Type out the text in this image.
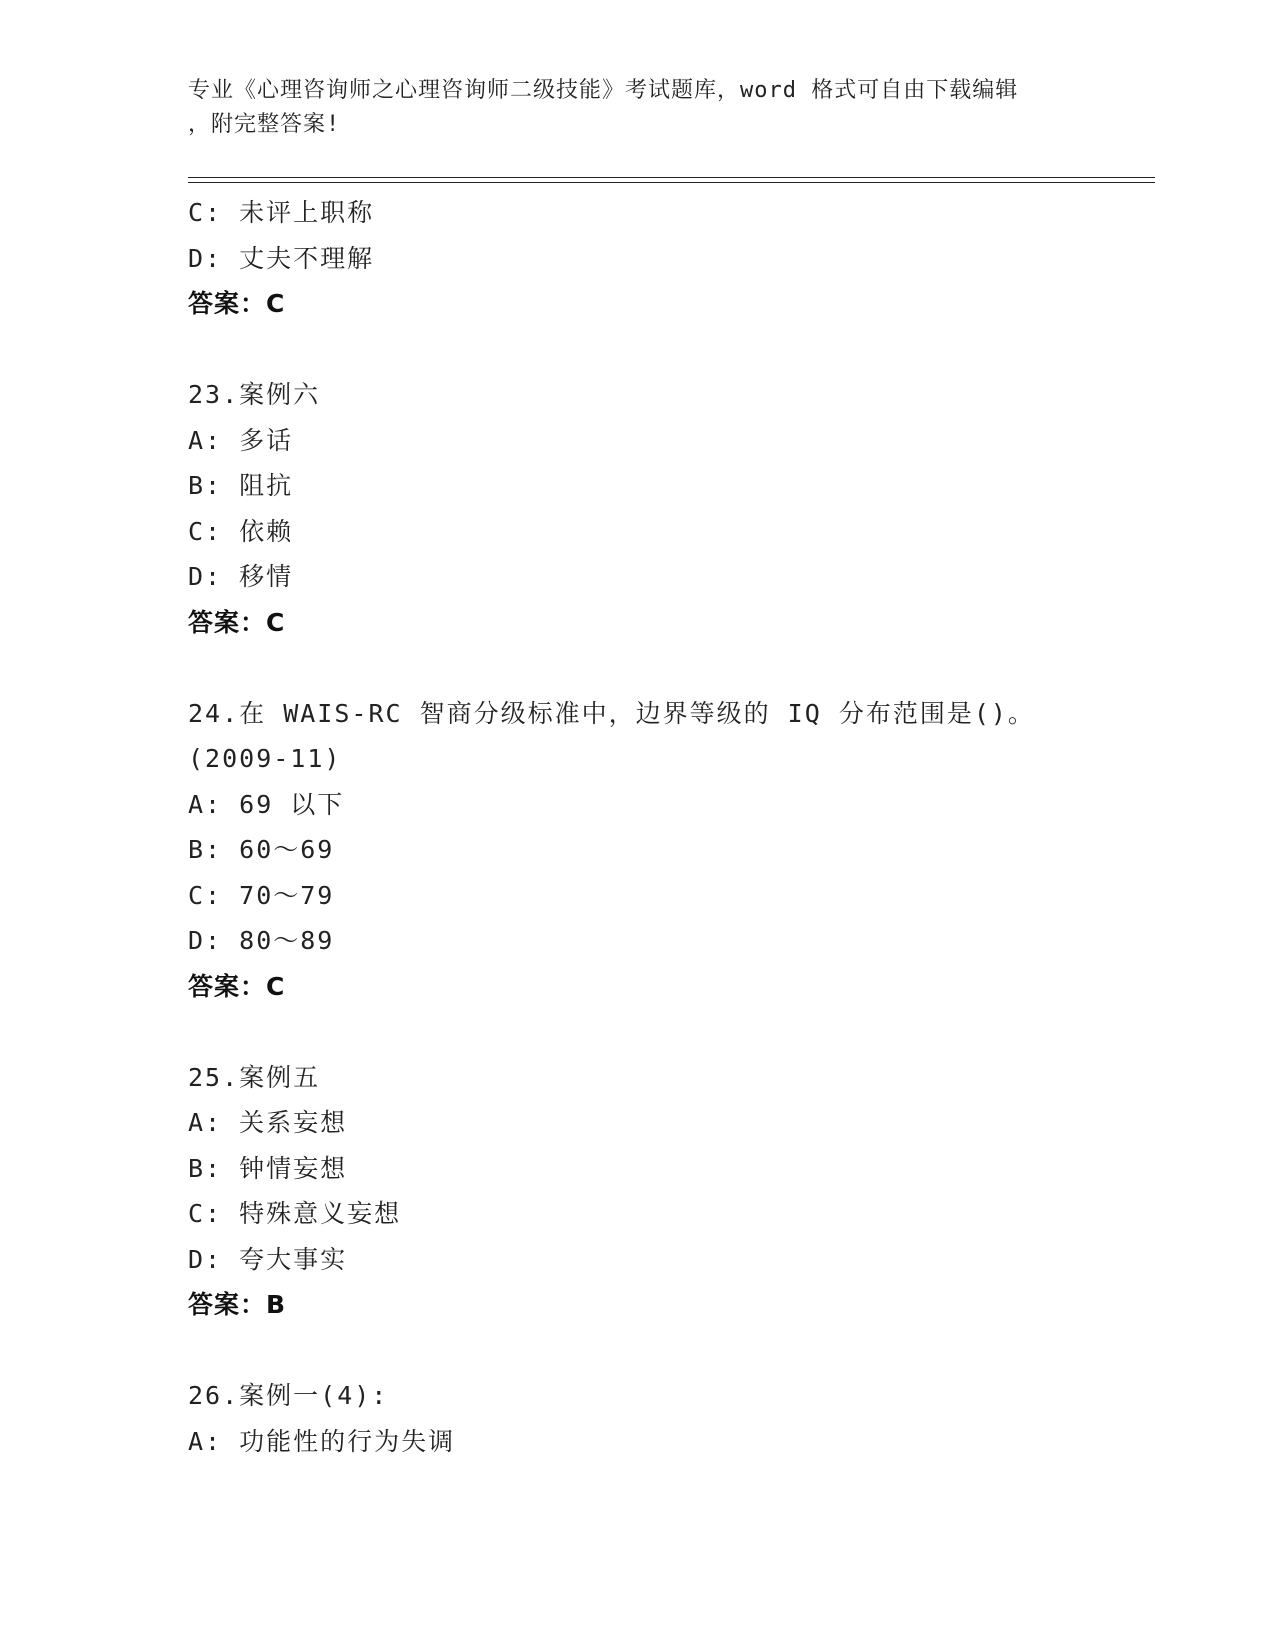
专业《心理咨询师之心理咨询师二级技能》考试题库，word 格式可自由下载编辑
，附完整答案!
C: 未评上职称
D: 丈夫不理解
答案：C
23.案例六
A: 多话
B: 阻抗
C: 依赖
D: 移情
答案：C
24.在 WAIS-RC 智商分级标准中，边界等级的 IQ 分布范围是()。
(2009-11)
A: 69 以下
B: 60～69
C: 70～79
D: 80～89
答案：C
25.案例五
A: 关系妄想
B: 钟情妄想
C: 特殊意义妄想
D: 夸大事实
答案：B
26.案例一(4):
A: 功能性的行为失调
